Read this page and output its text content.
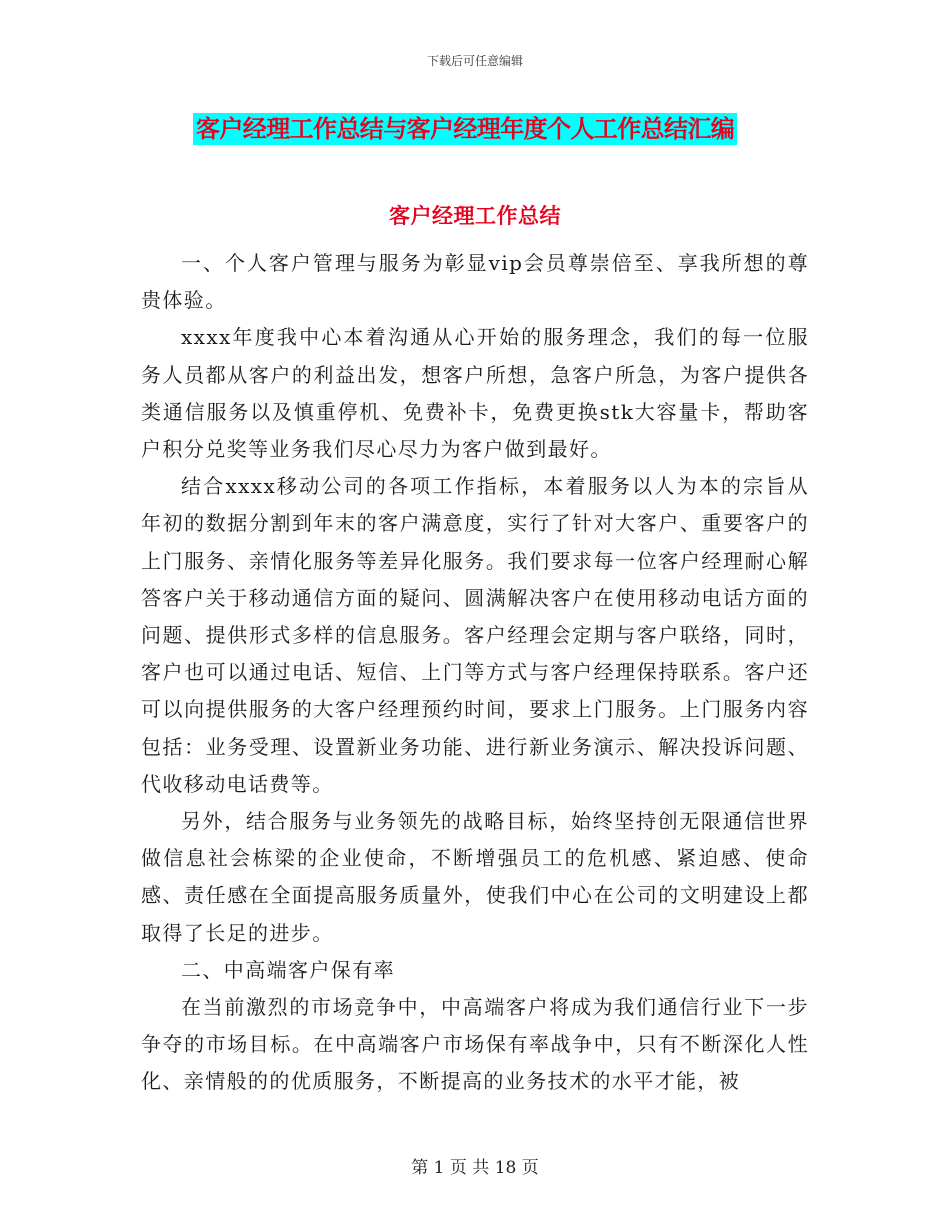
下载后可任意编辑
客户经理工作总结与客户经理年度个人工作总结汇编
客户经理工作总结

一、个人客户管理与服务为彰显vip会员尊崇倍至、享我所想的尊贵体验。

xxxx年度我中心本着沟通从心开始的服务理念，我们的每一位服务人员都从客户的利益出发，想客户所想，急客户所急，为客户提供各类通信服务以及慎重停机、免费补卡，免费更换stk大容量卡，帮助客户积分兑奖等业务我们尽心尽力为客户做到最好。

结合xxxx移动公司的各项工作指标，本着服务以人为本的宗旨从年初的数据分割到年末的客户满意度，实行了针对大客户、重要客户的上门服务、亲情化服务等差异化服务。我们要求每一位客户经理耐心解答客户关于移动通信方面的疑问、圆满解决客户在使用移动电话方面的问题、提供形式多样的信息服务。客户经理会定期与客户联络，同时，客户也可以通过电话、短信、上门等方式与客户经理保持联系。客户还可以向提供服务的大客户经理预约时间，要求上门服务。上门服务内容包括：业务受理、设置新业务功能、进行新业务演示、解决投诉问题、代收移动电话费等。

另外，结合服务与业务领先的战略目标，始终坚持创无限通信世界做信息社会栋梁的企业使命，不断增强员工的危机感、紧迫感、使命感、责任感在全面提高服务质量外，使我们中心在公司的文明建设上都取得了长足的进步。

二、中高端客户保有率

在当前激烈的市场竞争中，中高端客户将成为我们通信行业下一步争夺的市场目标。在中高端客户市场保有率战争中，只有不断深化人性化、亲情般的的优质服务，不断提高的业务技术的水平才能，被

第 1 页 共 18 页
